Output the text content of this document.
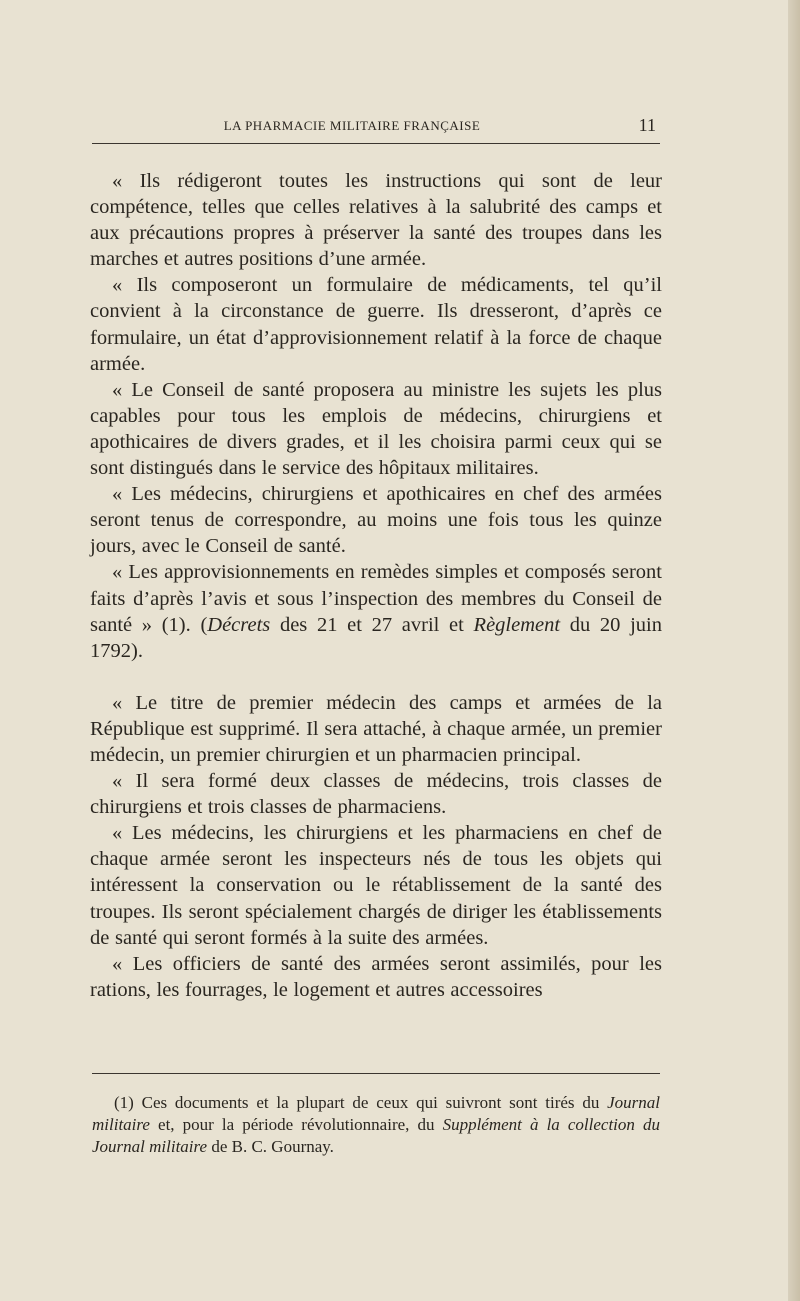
LA PHARMACIE MILITAIRE FRANÇAISE	11

« Ils rédigeront toutes les instructions qui sont de leur compétence, telles que celles relatives à la salubrité des camps et aux précautions propres à préserver la santé des troupes dans les marches et autres positions d’une armée.

« Ils composeront un formulaire de médicaments, tel qu’il convient à la circonstance de guerre. Ils dresseront, d’après ce formulaire, un état d’approvisionnement relatif à la force de chaque armée.

« Le Conseil de santé proposera au ministre les sujets les plus capables pour tous les emplois de médecins, chirurgiens et apothicaires de divers grades, et il les choisira parmi ceux qui se sont distingués dans le service des hôpitaux militaires.

« Les médecins, chirurgiens et apothicaires en chef des armées seront tenus de correspondre, au moins une fois tous les quinze jours, avec le Conseil de santé.

« Les approvisionnements en remèdes simples et composés seront faits d’après l’avis et sous l’inspection des membres du Conseil de santé » (1). (Décrets des 21 et 27 avril et Règlement du 20 juin 1792).

« Le titre de premier médecin des camps et armées de la République est supprimé. Il sera attaché, à chaque armée, un premier médecin, un premier chirurgien et un pharmacien principal.

« Il sera formé deux classes de médecins, trois classes de chirurgiens et trois classes de pharmaciens.

« Les médecins, les chirurgiens et les pharmaciens en chef de chaque armée seront les inspecteurs nés de tous les objets qui intéressent la conservation ou le rétablissement de la santé des troupes. Ils seront spécialement chargés de diriger les établissements de santé qui seront formés à la suite des armées.

« Les officiers de santé des armées seront assimilés, pour les rations, les fourrages, le logement et autres accessoires

(1) Ces documents et la plupart de ceux qui suivront sont tirés du Journal militaire et, pour la période révolutionnaire, du Supplément à la collection du Journal militaire de B. C. Gournay.
